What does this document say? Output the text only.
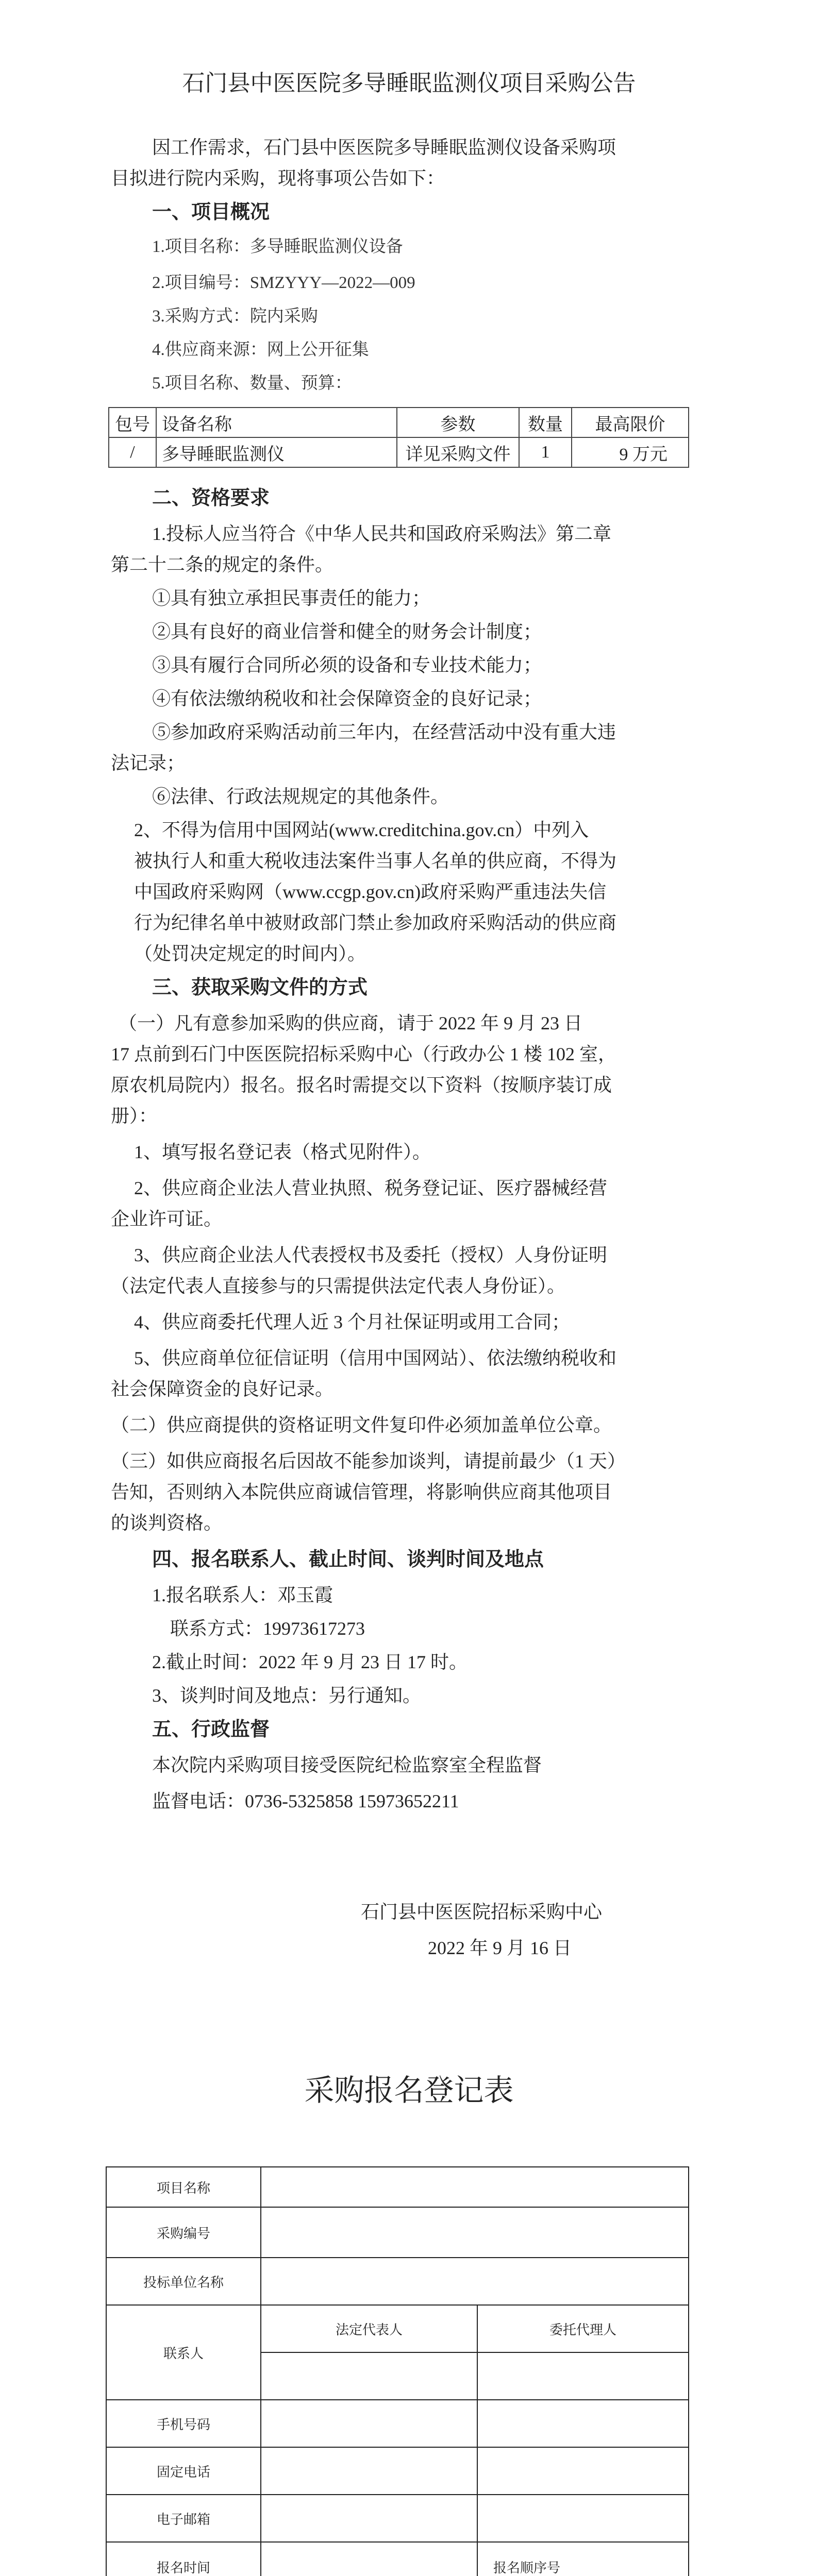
石门县中医医院多导睡眠监测仪项目采购公告
因工作需求，石门县中医医院多导睡眠监测仪设备采购项
目拟进行院内采购，现将事项公告如下：
一、项目概况
1.项目名称：多导睡眠监测仪设备
2.项目编号：SMZYYY—2022—009
3.采购方式：院内采购
4.供应商来源：网上公开征集
5.项目名称、数量、预算：
包号	设备名称	参数	数量	最高限价
/	多导睡眠监测仪	详见采购文件	1	9 万元
二、资格要求
1.投标人应当符合《中华人民共和国政府采购法》第二章
第二十二条的规定的条件。
①具有独立承担民事责任的能力；
②具有良好的商业信誉和健全的财务会计制度；
③具有履行合同所必须的设备和专业技术能力；
④有依法缴纳税收和社会保障资金的良好记录；
⑤参加政府采购活动前三年内，在经营活动中没有重大违
法记录；
⑥法律、行政法规规定的其他条件。
2、不得为信用中国网站(www.creditchina.gov.cn）中列入
被执行人和重大税收违法案件当事人名单的供应商，不得为
中国政府采购网（www.ccgp.gov.cn)政府采购严重违法失信
行为纪律名单中被财政部门禁止参加政府采购活动的供应商
（处罚决定规定的时间内）。
三、获取采购文件的方式
（一）凡有意参加采购的供应商，请于 2022 年 9 月 23 日
17 点前到石门中医医院招标采购中心（行政办公 1 楼 102 室，
原农机局院内）报名。报名时需提交以下资料（按顺序装订成
册）：
1、填写报名登记表（格式见附件）。
2、供应商企业法人营业执照、税务登记证、医疗器械经营
企业许可证。
3、供应商企业法人代表授权书及委托（授权）人身份证明
（法定代表人直接参与的只需提供法定代表人身份证）。
4、供应商委托代理人近 3 个月社保证明或用工合同；
5、供应商单位征信证明（信用中国网站）、依法缴纳税收和
社会保障资金的良好记录。
（二）供应商提供的资格证明文件复印件必须加盖单位公章。
（三）如供应商报名后因故不能参加谈判，请提前最少（1 天）
告知，否则纳入本院供应商诚信管理，将影响供应商其他项目
的谈判资格。
四、报名联系人、截止时间、谈判时间及地点
1.报名联系人：邓玉霞
联系方式：19973617273
2.截止时间：2022 年 9 月 23 日 17 时。
3、谈判时间及地点：另行通知。
五、行政监督
本次院内采购项目接受医院纪检监察室全程监督
监督电话：0736-5325858 15973652211
石门县中医医院招标采购中心
2022 年 9 月 16 日
采购报名登记表
项目名称		
采购编号		
投标单位名称		
联系人	法定代表人	委托代理人

手机号码		
固定电话		
电子邮箱		
报名时间		报名顺序号
